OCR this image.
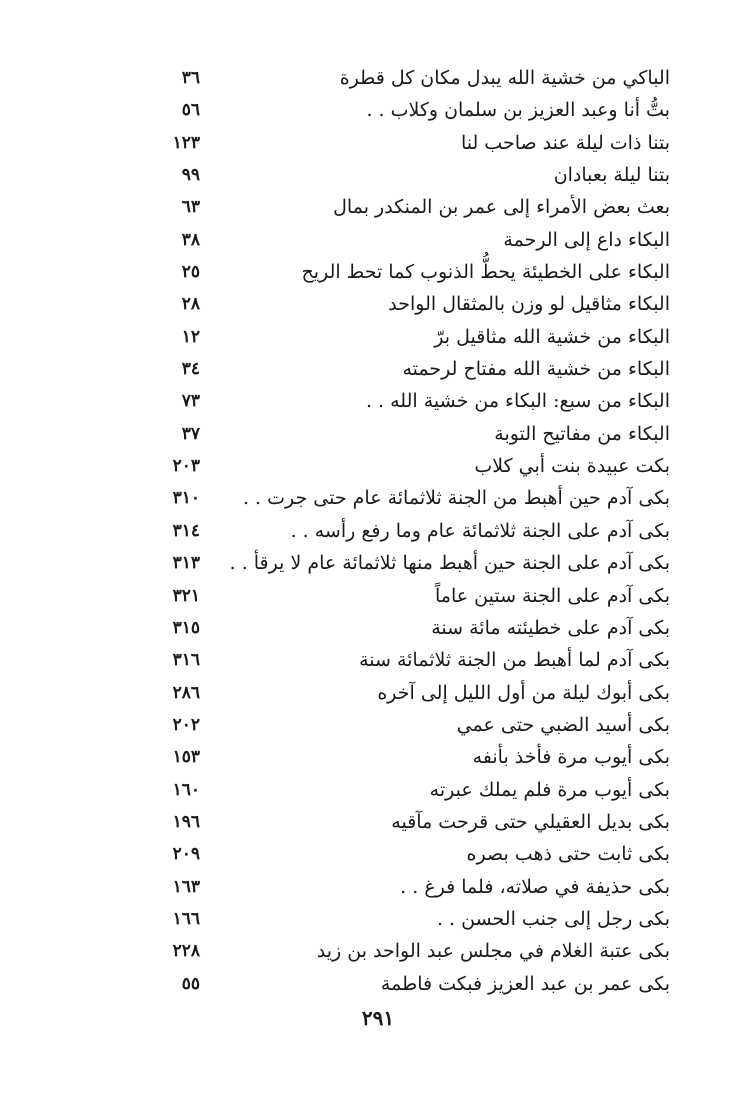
الباكي من خشية الله يبدل مكان كل قطرة
٣٦
بتُّ أنا وعبد العزيز بن سلمان وكلاب . .
٥٦
بتنا ذات ليلة عند صاحب لنا
١٢٣
بتنا ليلة بعبادان
٩٩
بعث بعض الأمراء إلى عمر بن المنكدر بمال
٦٣
البكاء داع إلى الرحمة
٣٨
البكاء على الخطيئة يحطُّ الذنوب كما تحط الريح
٢٥
البكاء مثاقيل لو وزن بالمثقال الواحد
٢٨
البكاء من خشية الله مثاقيل برّ
١٢
البكاء من خشية الله مفتاح لرحمته
٣٤
البكاء من سبع: البكاء من خشية الله . .
٧٣
البكاء من مفاتيح التوبة
٣٧
بكت عبيدة بنت أبي كلاب
٢٠٣
بكى آدم حين أهبط من الجنة ثلاثمائة عام حتى جرت . .
٣١٠
بكى آدم على الجنة ثلاثمائة عام وما رفع رأسه . .
٣١٤
بكى آدم على الجنة حين أهبط منها ثلاثمائة عام لا يرقأ . .
٣١٣
بكى آدم على الجنة ستين عاماً
٣٢١
بكى آدم على خطيئته مائة سنة
٣١٥
بكى آدم لما أهبط من الجنة ثلاثمائة سنة
٣١٦
بكى أبوك ليلة من أول الليل إلى آخره
٢٨٦
بكى أسيد الضبي حتى عمي
٢٠٢
بكى أيوب مرة فأخذ بأنفه
١٥٣
بكى أيوب مرة فلم يملك عبرته
١٦٠
بكى بديل العقيلي حتى قرحت مآقيه
١٩٦
بكى ثابت حتى ذهب بصره
٢٠٩
بكى حذيفة في صلاته، فلما فرغ . .
١٦٣
بكى رجل إلى جنب الحسن . .
١٦٦
بكى عتبة الغلام في مجلس عبد الواحد بن زيد
٢٢٨
بكى عمر بن عبد العزيز فبكت فاطمة
٥٥
٢٩١
